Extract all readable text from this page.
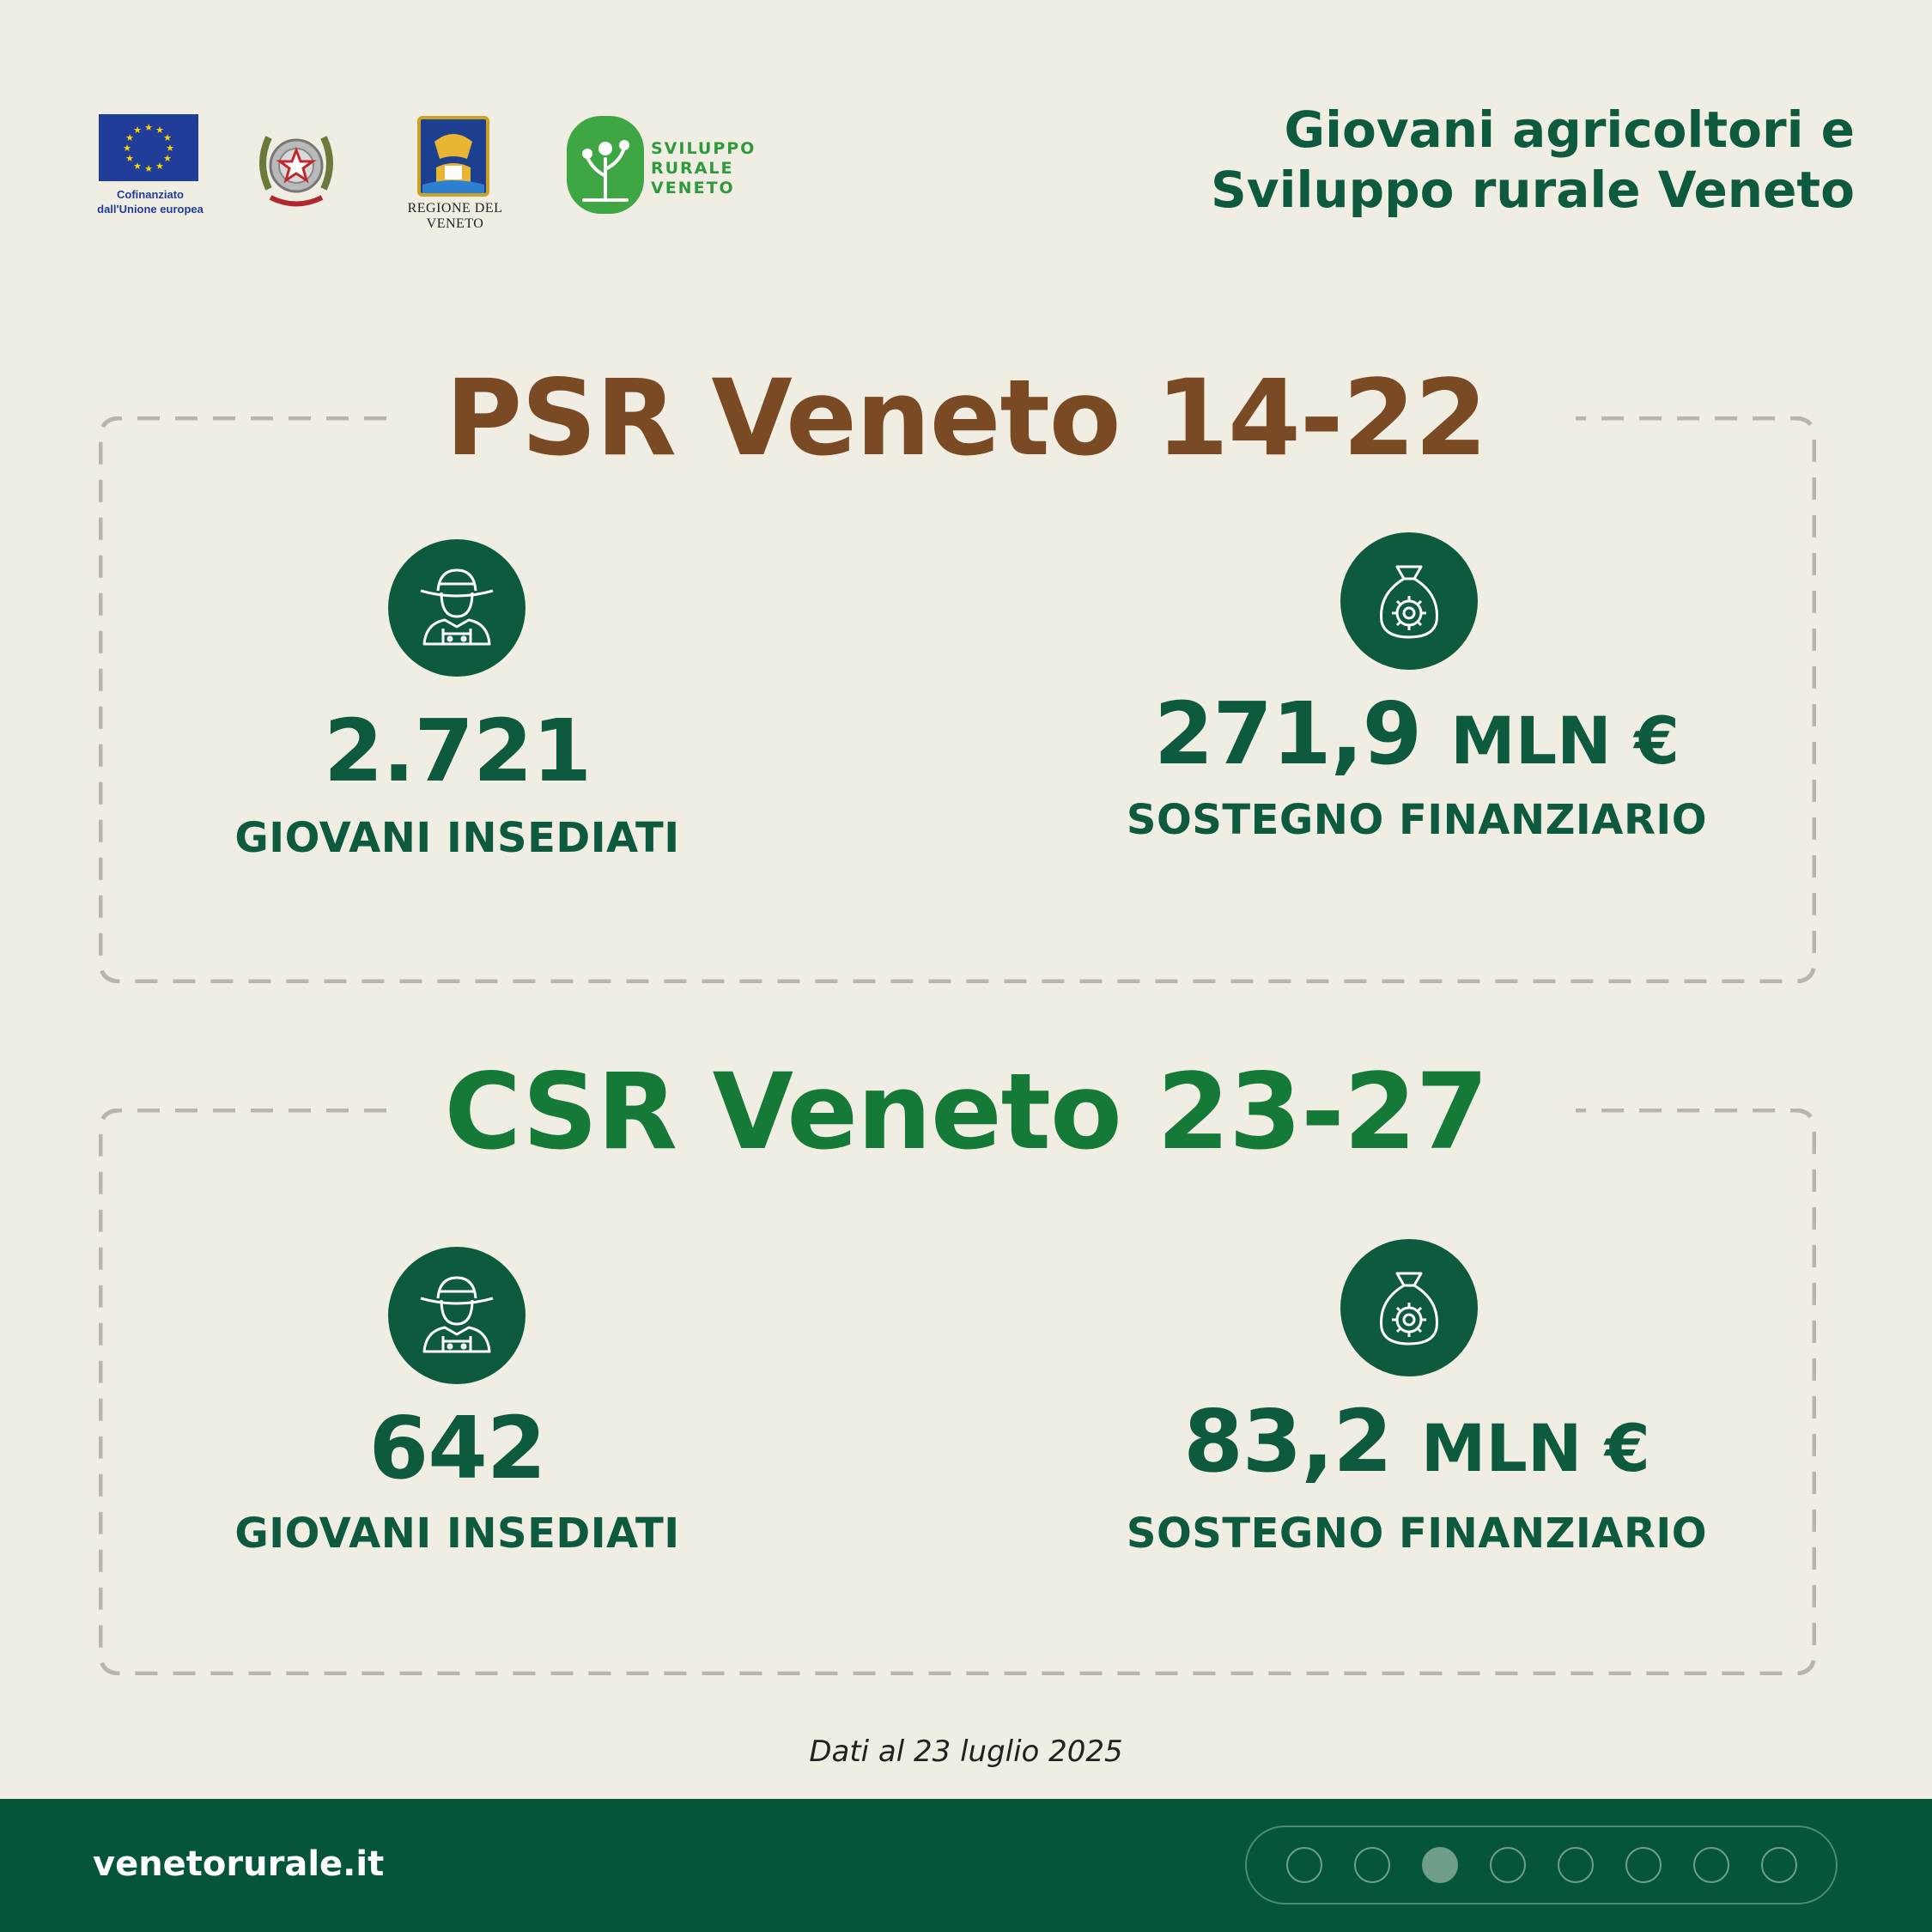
★ ★
★
★
★
★
★
★
★
★
★
★
Cofinanziato
dall'Unione europea	REGIONE DEL VENETO
SVILUPPO
RURALE
VENETO
Giovani agricoltori e
Sviluppo rurale Veneto
PSR Veneto 14-22
2.721
GIOVANI INSEDIATI
271,9 MLN €
SOSTEGNO FINANZIARIO
CSR Veneto 23-27
642
GIOVANI INSEDIATI
83,2 MLN €
SOSTEGNO FINANZIARIO
Dati al 23 luglio 2025
venetorurale.it
